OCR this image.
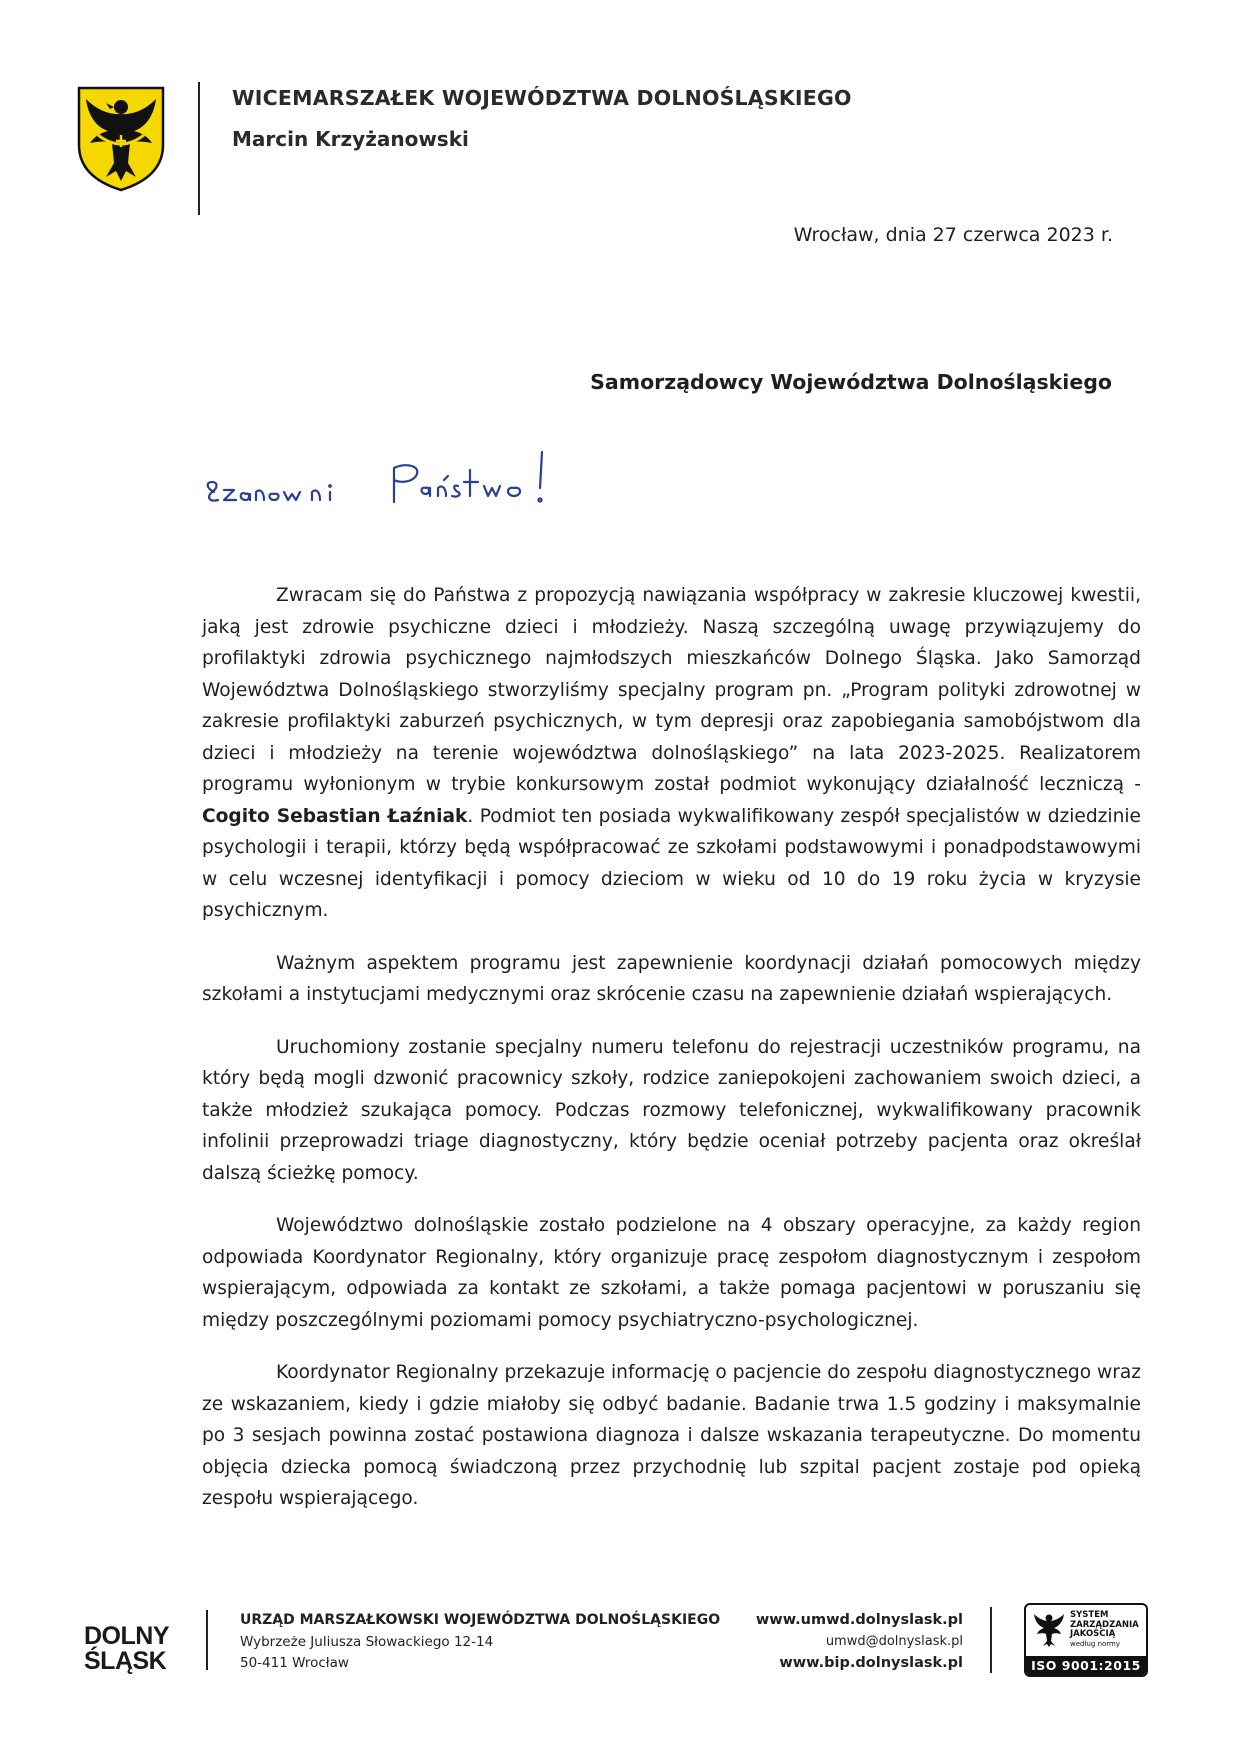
WICEMARSZAŁEK WOJEWÓDZTWA DOLNOŚLĄSKIEGO
Marcin Krzyżanowski
Wrocław, dnia 27 czerwca 2023 r.
Samorządowcy Województwa Dolnośląskiego

Zwracam się do Państwa z propozycją nawiązania współpracy w zakresie kluczowej kwestii, jaką jest zdrowie psychiczne dzieci i młodzieży. Naszą szczególną uwagę przywiązujemy do profilaktyki zdrowia psychicznego najmłodszych mieszkańców Dolnego Śląska. Jako Samorząd Województwa Dolnośląskiego stworzyliśmy specjalny program pn. „Program polityki zdrowotnej w zakresie profilaktyki zaburzeń psychicznych, w tym depresji oraz zapobiegania samobójstwom dla dzieci i młodzieży na terenie województwa dolnośląskiego” na lata 2023-2025. Realizatorem programu wyłonionym w trybie konkursowym został podmiot wykonujący działalność leczniczą - Cogito Sebastian Łaźniak. Podmiot ten posiada wykwalifikowany zespół specjalistów w dziedzinie psychologii i terapii, którzy będą współpracować ze szkołami podstawowymi i ponadpodstawowymi w celu wczesnej identyfikacji i pomocy dzieciom w wieku od 10 do 19 roku życia w kryzysie psychicznym.

Ważnym aspektem programu jest zapewnienie koordynacji działań pomocowych między szkołami a instytucjami medycznymi oraz skrócenie czasu na zapewnienie działań wspierających.

Uruchomiony zostanie specjalny numeru telefonu do rejestracji uczestników programu, na który będą mogli dzwonić pracownicy szkoły, rodzice zaniepokojeni zachowaniem swoich dzieci, a także młodzież szukająca pomocy. Podczas rozmowy telefonicznej, wykwalifikowany pracownik infolinii przeprowadzi triage diagnostyczny, który będzie oceniał potrzeby pacjenta oraz określał dalszą ścieżkę pomocy.

Województwo dolnośląskie zostało podzielone na 4 obszary operacyjne, za każdy region odpowiada Koordynator Regionalny, który organizuje pracę zespołom diagnostycznym i zespołom wspierającym, odpowiada za kontakt ze szkołami, a także pomaga pacjentowi w poruszaniu się między poszczególnymi poziomami pomocy psychiatryczno-psychologicznej.

Koordynator Regionalny przekazuje informację o pacjencie do zespołu diagnostycznego wraz ze wskazaniem, kiedy i gdzie miałoby się odbyć badanie. Badanie trwa 1.5 godziny i maksymalnie po 3 sesjach powinna zostać postawiona diagnoza i dalsze wskazania terapeutyczne. Do momentu objęcia dziecka pomocą świadczoną przez przychodnię lub szpital pacjent zostaje pod opieką zespołu wspierającego.

DOLNY
ŚLĄSK
URZĄD MARSZAŁKOWSKI WOJEWÓDZTWA DOLNOŚLĄSKIEGO
Wybrzeże Juliusza Słowackiego 12-14
50-411 Wrocław
www.umwd.dolnyslask.pl
umwd@dolnyslask.pl
www.bip.dolnyslask.pl
SYSTEM
ZARZĄDZANIA
JAKOŚCIĄ
według normy
ISO 9001:2015
